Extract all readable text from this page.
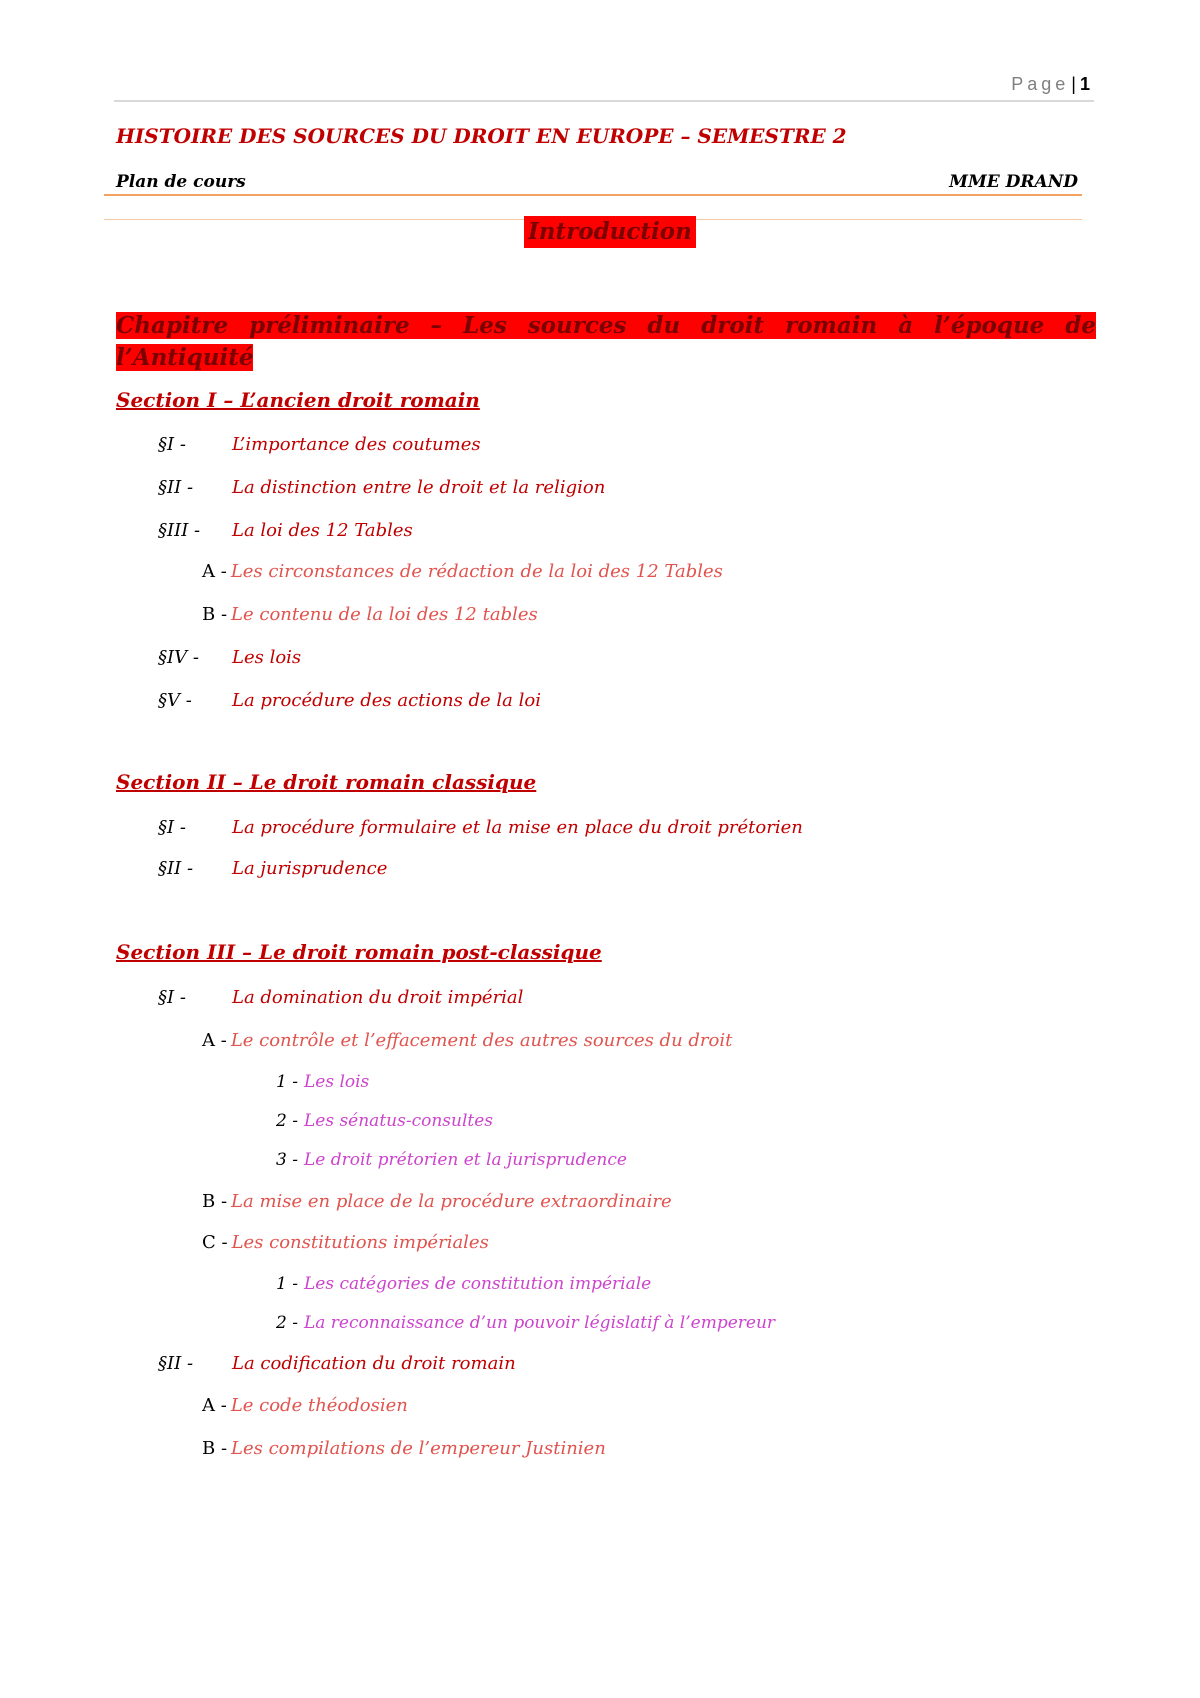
Page | 1
HISTOIRE DES SOURCES DU DROIT EN EUROPE – SEMESTRE 2
Plan de cours	MME DRAND
Introduction
Chapitre préliminaire – Les sources du droit romain à l’époque de l’Antiquité
Section I – L’ancien droit romain
§I -	L’importance des coutumes
§II - La distinction entre le droit et la religion
§III - La loi des 12 Tables
A - Les circonstances de rédaction de la loi des 12 Tables
B - Le contenu de la loi des 12 tables
§IV - Les lois
§V - La procédure des actions de la loi
Section II – Le droit romain classique
§I -	La procédure formulaire et la mise en place du droit prétorien
§II - La jurisprudence
Section III – Le droit romain post-classique
§I -	La domination du droit impérial
A - Le contrôle et l’effacement des autres sources du droit
1 - Les lois
2 - Les sénatus-consultes
3 - Le droit prétorien et la jurisprudence
B - La mise en place de la procédure extraordinaire
C - Les constitutions impériales
1 - Les catégories de constitution impériale
2 - La reconnaissance d’un pouvoir législatif à l’empereur
§II - La codification du droit romain
A - Le code théodosien
B - Les compilations de l’empereur Justinien
